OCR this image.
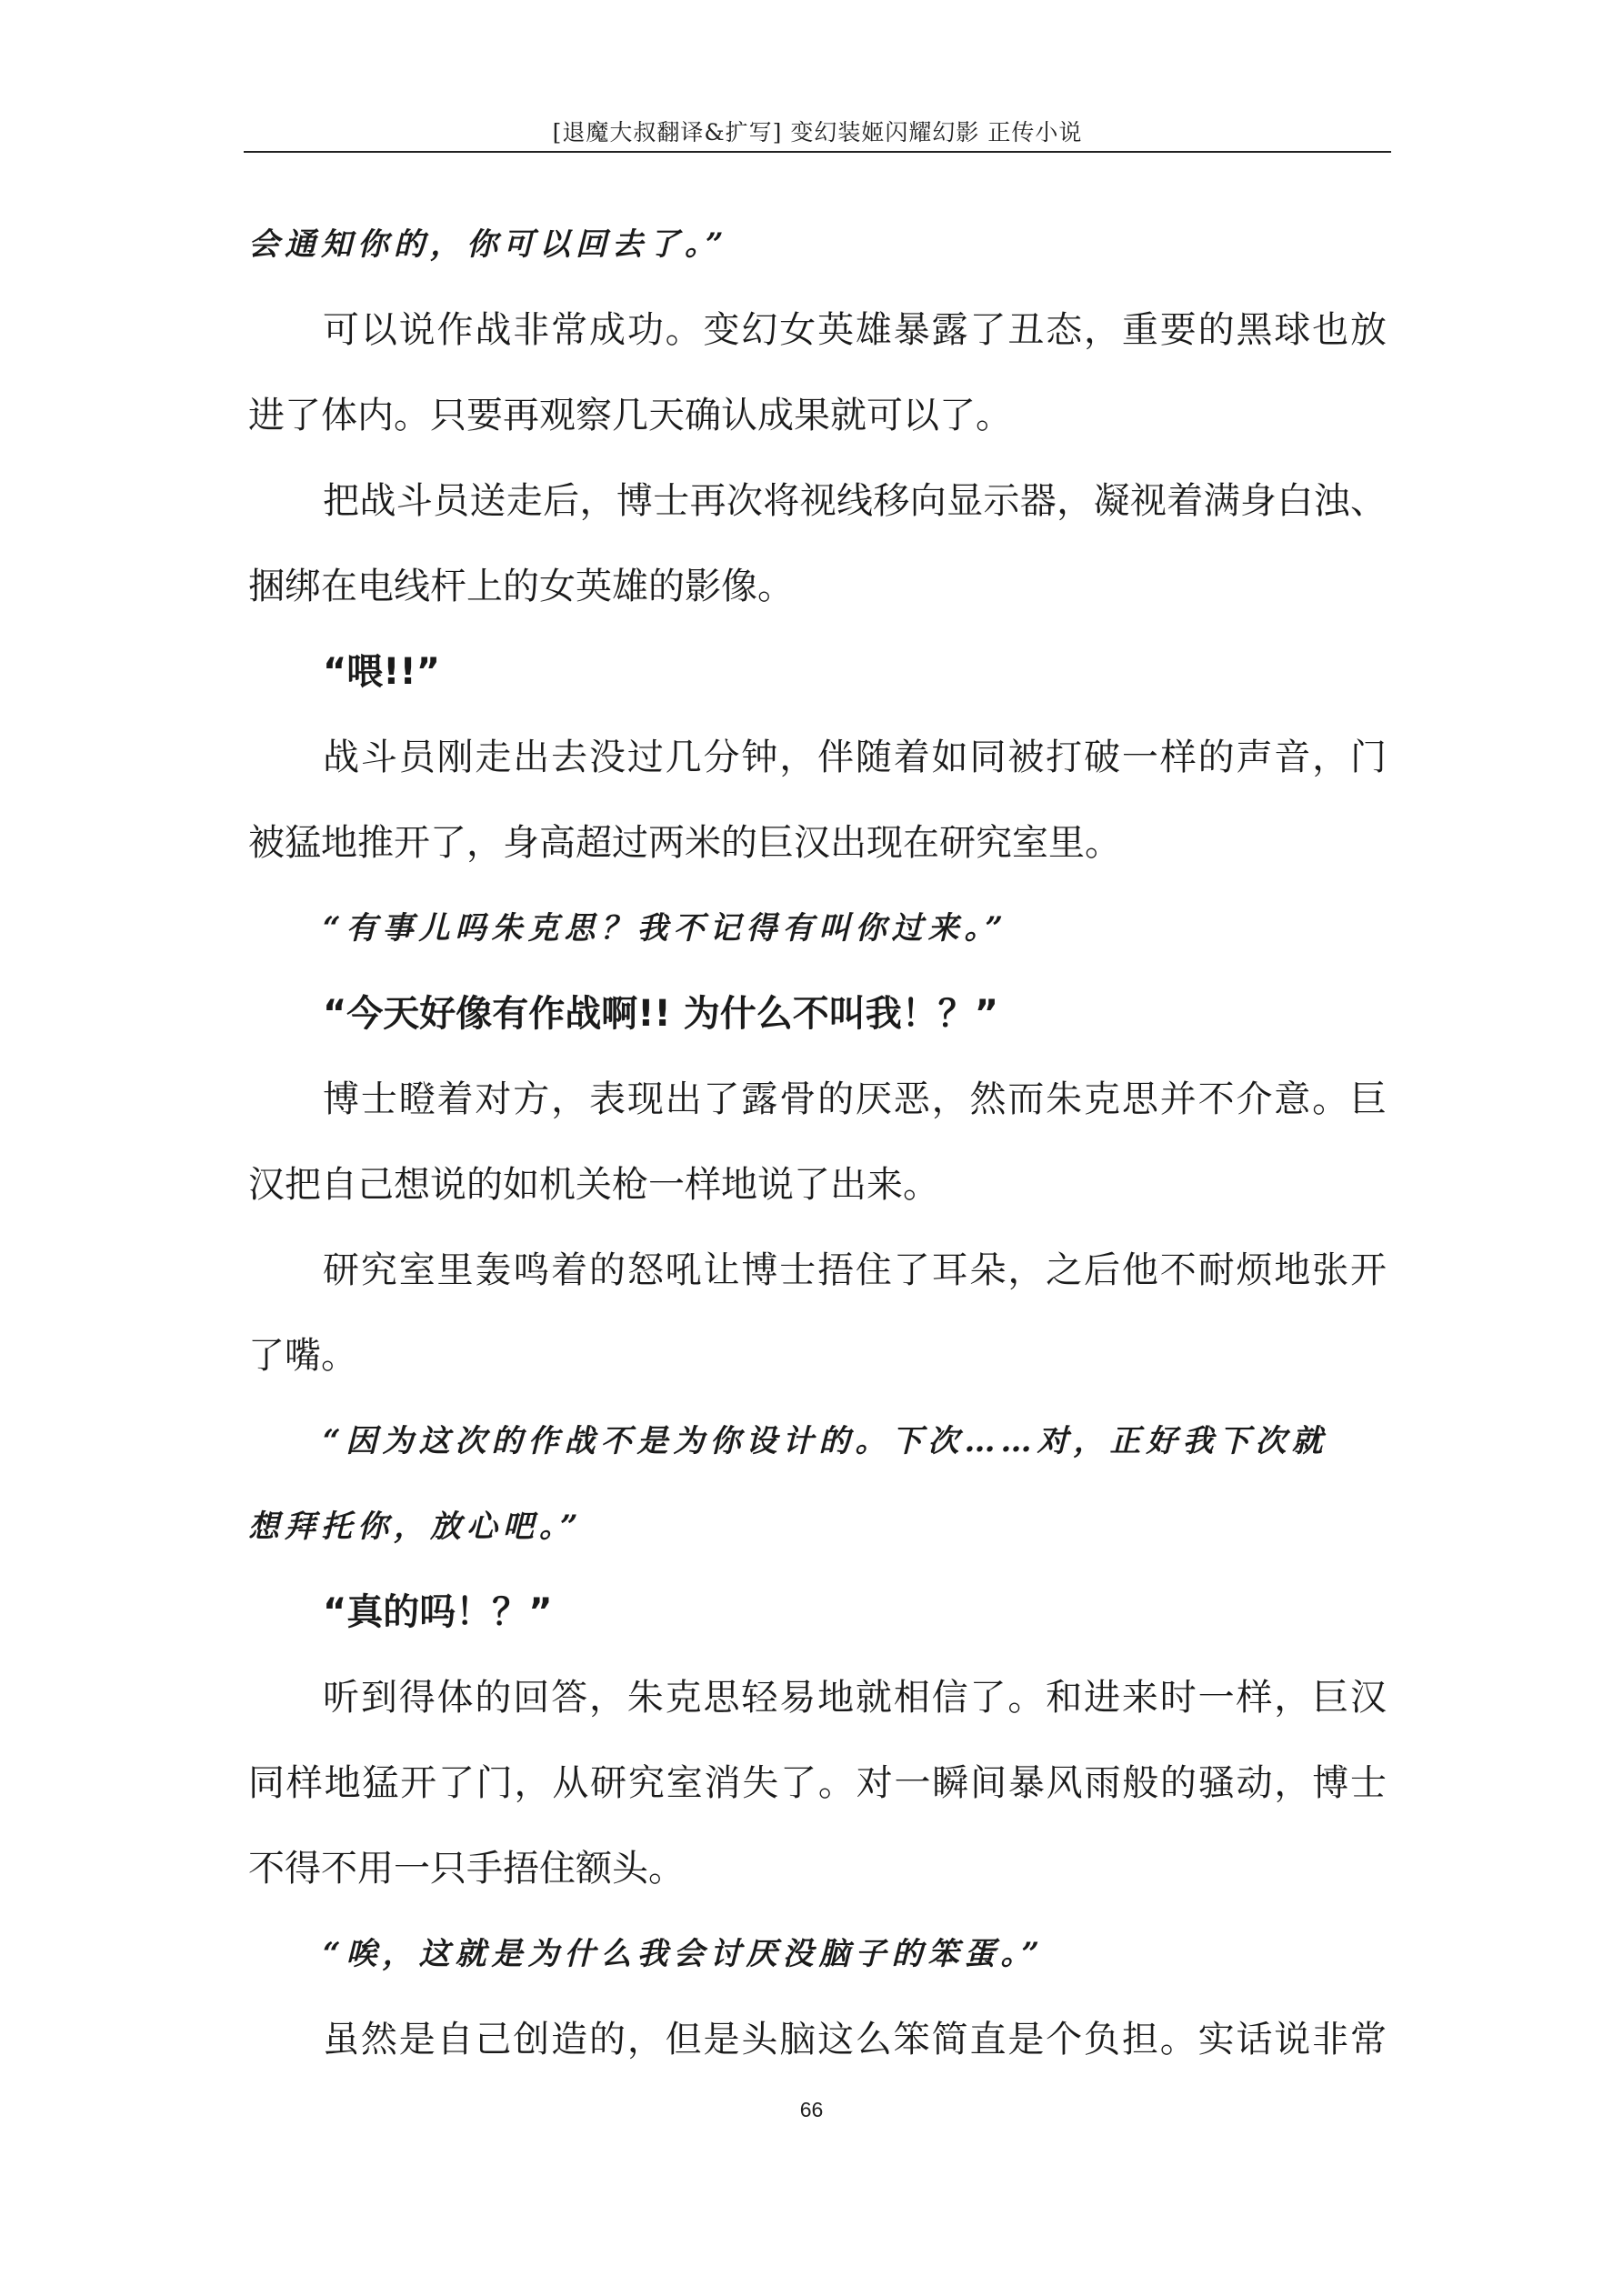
[退魔大叔翻译&扩写] 变幻装姬闪耀幻影 正传小说
会通知你的，你可以回去了。”
可以说作战非常成功。变幻女英雄暴露了丑态，重要的黑球也放
进了体内。只要再观察几天确认成果就可以了。
把战斗员送走后，博士再次将视线移向显示器，凝视着满身白浊、
捆绑在电线杆上的女英雄的影像。
“喂!!”
战斗员刚走出去没过几分钟，伴随着如同被打破一样的声音，门
被猛地推开了，身高超过两米的巨汉出现在研究室里。
“有事儿吗朱克思？我不记得有叫你过来。”
“今天好像有作战啊!! 为什么不叫我！？”
博士瞪着对方，表现出了露骨的厌恶，然而朱克思并不介意。巨
汉把自己想说的如机关枪一样地说了出来。
研究室里轰鸣着的怒吼让博士捂住了耳朵，之后他不耐烦地张开
了嘴。
“因为这次的作战不是为你设计的。下次……对，正好我下次就
想拜托你，放心吧。”
“真的吗！？”
听到得体的回答，朱克思轻易地就相信了。和进来时一样，巨汉
同样地猛开了门，从研究室消失了。对一瞬间暴风雨般的骚动，博士
不得不用一只手捂住额头。
“唉，这就是为什么我会讨厌没脑子的笨蛋。”
虽然是自己创造的，但是头脑这么笨简直是个负担。实话说非常
66
